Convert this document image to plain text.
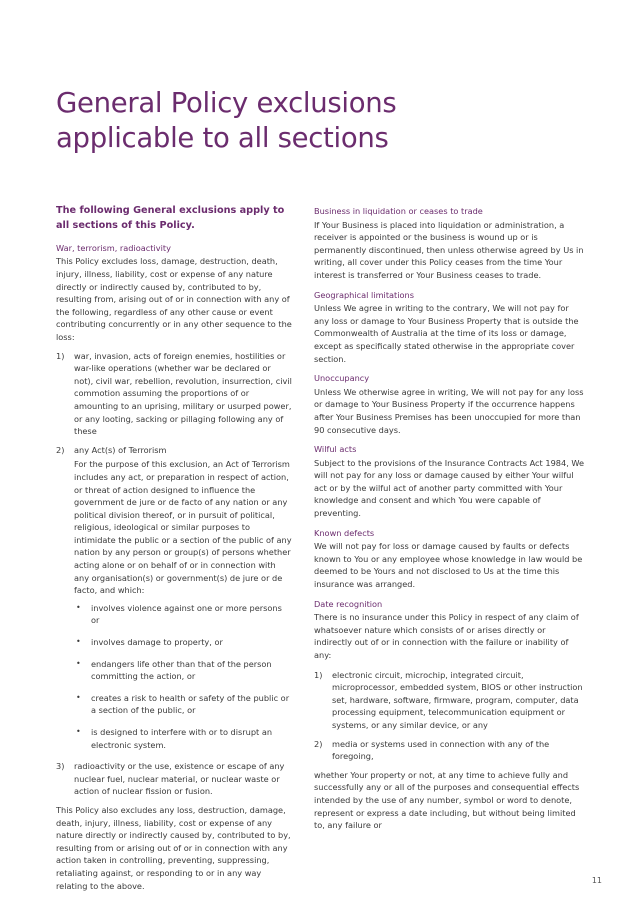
General Policy exclusions
applicable to all sections

The following General exclusions apply to all sections of this Policy.

War, terrorism, radioactivity

This Policy excludes loss, damage, destruction, death, injury, illness, liability, cost or expense of any nature directly or indirectly caused by, contributed to by, resulting from, arising out of or in connection with any of the following, regardless of any other cause or event contributing concurrently or in any other sequence to the loss:

1) war, invasion, acts of foreign enemies, hostilities or war-like operations (whether war be declared or not), civil war, rebellion, revolution, insurrection, civil commotion assuming the proportions of or amounting to an uprising, military or usurped power, or any looting, sacking or pillaging following any of these
2) any Act(s) of Terrorism

For the purpose of this exclusion, an Act of Terrorism includes any act, or preparation in respect of action, or threat of action designed to influence the government de jure or de facto of any nation or any political division thereof, or in pursuit of political, religious, ideological or similar purposes to intimidate the public or a section of the public of any nation by any person or group(s) of persons whether acting alone or on behalf of or in connection with any organisation(s) or government(s) de jure or de facto, and which:

• involves violence against one or more persons or
• involves damage to property, or
• endangers life other than that of the person committing the action, or
• creates a risk to health or safety of the public or a section of the public, or
• is designed to interfere with or to disrupt an electronic system.
3) radioactivity or the use, existence or escape of any nuclear fuel, nuclear material, or nuclear waste or action of nuclear fission or fusion.

This Policy also excludes any loss, destruction, damage, death, injury, illness, liability, cost or expense of any nature directly or indirectly caused by, contributed to by, resulting from or arising out of or in connection with any action taken in controlling, preventing, suppressing, retaliating against, or responding to or in any way relating to the above.

Business in liquidation or ceases to trade

If Your Business is placed into liquidation or administration, a receiver is appointed or the business is wound up or is permanently discontinued, then unless otherwise agreed by Us in writing, all cover under this Policy ceases from the time Your interest is transferred or Your Business ceases to trade.

Geographical limitations

Unless We agree in writing to the contrary, We will not pay for any loss or damage to Your Business Property that is outside the Commonwealth of Australia at the time of its loss or damage, except as specifically stated otherwise in the appropriate cover section.

Unoccupancy

Unless We otherwise agree in writing, We will not pay for any loss or damage to Your Business Property if the occurrence happens after Your Business Premises has been unoccupied for more than 90 consecutive days.

Wilful acts

Subject to the provisions of the Insurance Contracts Act 1984, We will not pay for any loss or damage caused by either Your wilful act or by the wilful act of another party committed with Your knowledge and consent and which You were capable of preventing.

Known defects

We will not pay for loss or damage caused by faults or defects known to You or any employee whose knowledge in law would be deemed to be Yours and not disclosed to Us at the time this insurance was arranged.

Date recognition

There is no insurance under this Policy in respect of any claim of whatsoever nature which consists of or arises directly or indirectly out of or in connection with the failure or inability of any:

1) electronic circuit, microchip, integrated circuit, microprocessor, embedded system, BIOS or other instruction set, hardware, software, firmware, program, computer, data processing equipment, telecommunication equipment or systems, or any similar device, or any
2) media or systems used in connection with any of the foregoing,

whether Your property or not, at any time to achieve fully and successfully any or all of the purposes and consequential effects intended by the use of any number, symbol or word to denote, represent or express a date including, but without being limited to, any failure or

11
